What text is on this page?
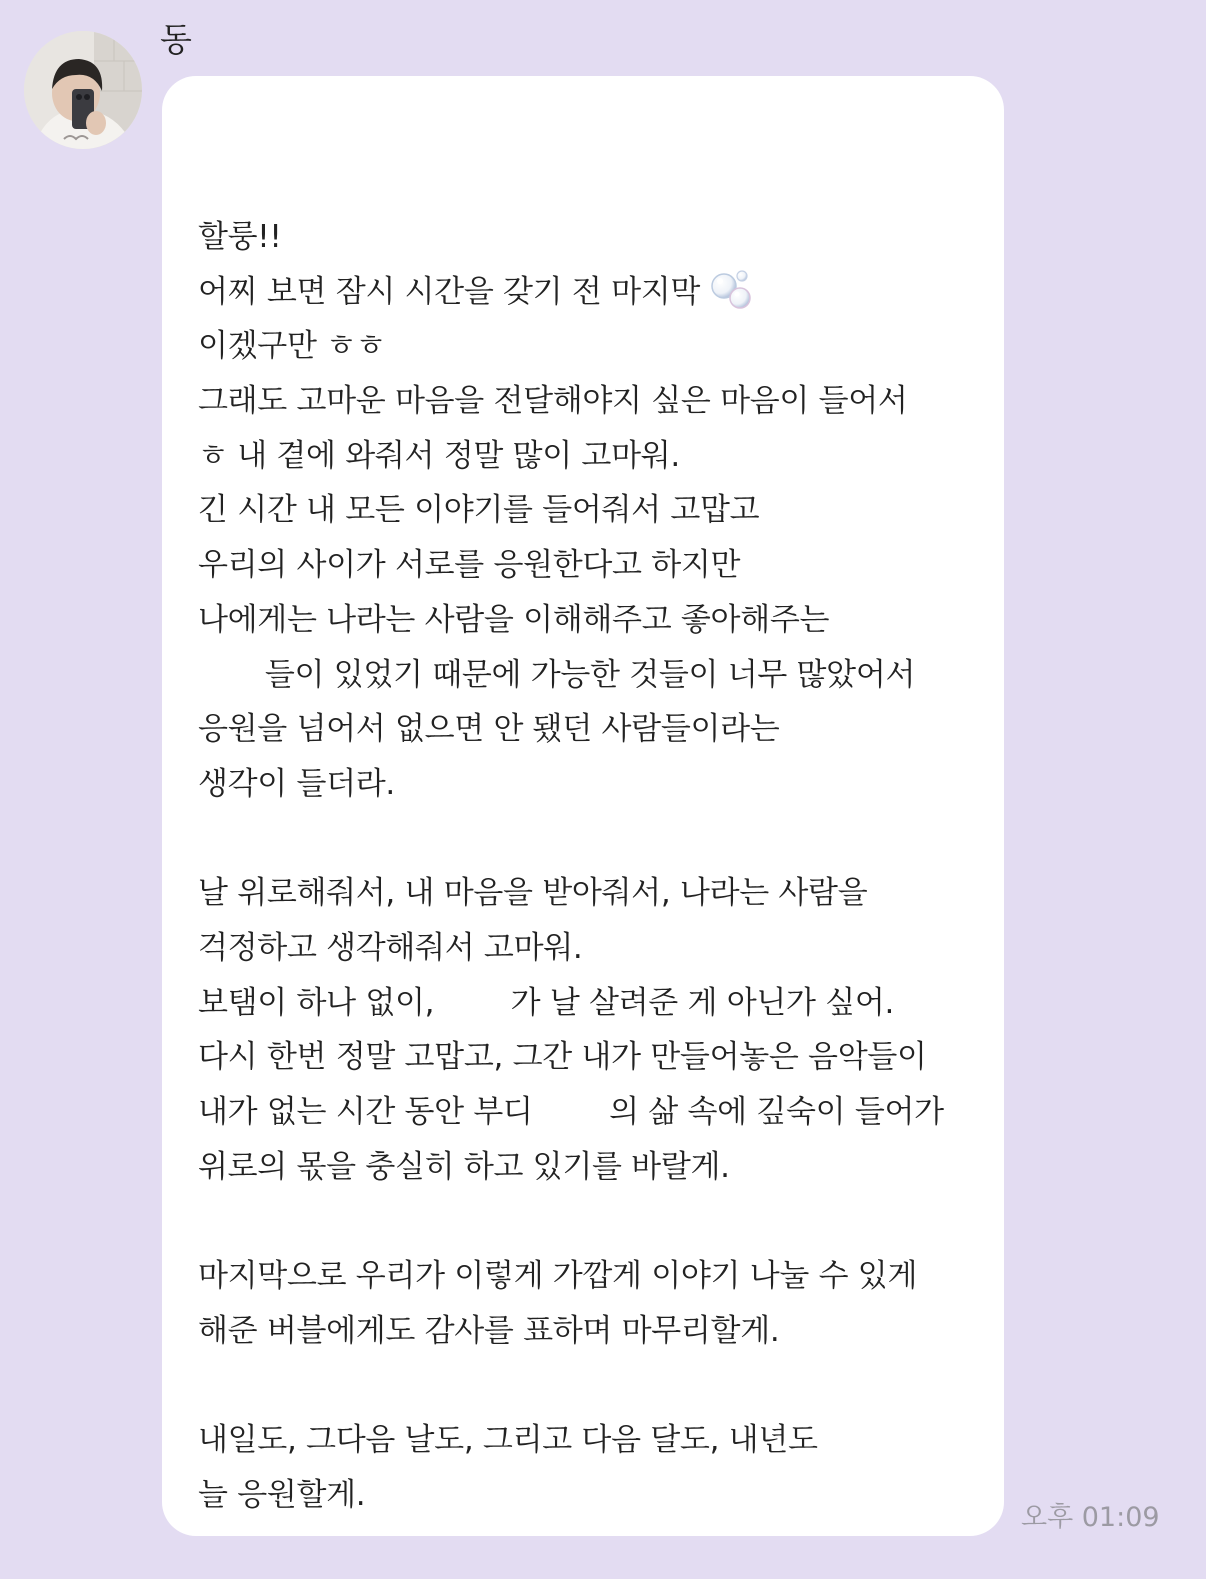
동
할룽!!
어찌 보면 잠시 시간을 갖기 전 마지막
이겠구만 ㅎㅎ
그래도 고마운 마음을 전달해야지 싶은 마음이 들어서
ㅎ 내 곁에 와줘서 정말 많이 고마워.
긴 시간 내 모든 이야기를 들어줘서 고맙고
우리의 사이가 서로를 응원한다고 하지만
나에게는 나라는 사람을 이해해주고 좋아해주는
들이 있었기 때문에 가능한 것들이 너무 많았어서
응원을 넘어서 없으면 안 됐던 사람들이라는
생각이 들더라.
날 위로해줘서, 내 마음을 받아줘서, 나라는 사람을
걱정하고 생각해줘서 고마워.
보탬이 하나 없이,        가 날 살려준 게 아닌가 싶어.
다시 한번 정말 고맙고, 그간 내가 만들어놓은 음악들이
내가 없는 시간 동안 부디        의 삶 속에 깊숙이 들어가
위로의 몫을 충실히 하고 있기를 바랄게.
마지막으로 우리가 이렇게 가깝게 이야기 나눌 수 있게
해준 버블에게도 감사를 표하며 마무리할게.
내일도, 그다음 날도, 그리고 다음 달도, 내년도
늘 응원할게.
오후 01:09
